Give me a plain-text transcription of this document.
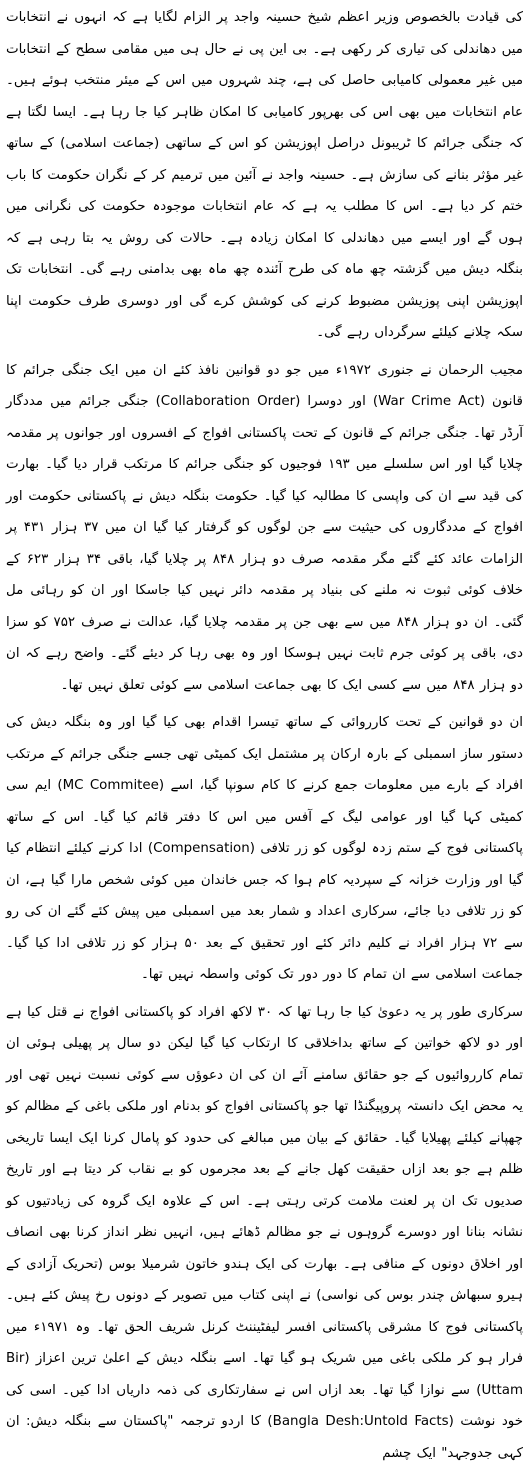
کی قیادت بالخصوص وزیر اعظم شیخ حسینہ واجد پر الزام لگایا ہے کہ انہوں نے انتخابات میں دھاندلی کی تیاری کر رکھی ہے۔ بی این پی نے حال ہی میں مقامی سطح کے انتخابات میں غیر معمولی کامیابی حاصل کی ہے، چند شہروں میں اس کے میئر منتخب ہوئے ہیں۔ عام انتخابات میں بھی اس کی بھرپور کامیابی کا امکان ظاہر کیا جا رہا ہے۔ ایسا لگتا ہے کہ جنگی جرائم کا ٹریبونل دراصل اپوزیشن کو اس کے ساتھی (جماعت اسلامی) کے ساتھ غیر مؤثر بنانے کی سازش ہے۔ حسینہ واجد نے آئین میں ترمیم کر کے نگران حکومت کا باب ختم کر دیا ہے۔ اس کا مطلب یہ ہے کہ عام انتخابات موجودہ حکومت کی نگرانی میں ہوں گے اور ایسے میں دھاندلی کا امکان زیادہ ہے۔ حالات کی روش یہ بتا رہی ہے کہ بنگلہ دیش میں گزشتہ چھ ماہ کی طرح آئندہ چھ ماہ بھی بدامنی رہے گی۔ انتخابات تک اپوزیشن اپنی پوزیشن مضبوط کرنے کی کوشش کرے گی اور دوسری طرف حکومت اپنا سکہ چلانے کیلئے سرگرداں رہے گی۔

مجیب الرحمان نے جنوری ۱۹۷۲ء میں جو دو قوانین نافذ کئے ان میں ایک جنگی جرائم کا قانون (War Crime Act) اور دوسرا (Collaboration Order) جنگی جرائم میں مددگار آرڈر تھا۔ جنگی جرائم کے قانون کے تحت پاکستانی افواج کے افسروں اور جوانوں پر مقدمہ چلایا گیا اور اس سلسلے میں ۱۹۳ فوجیوں کو جنگی جرائم کا مرتکب قرار دیا گیا۔ بھارت کی قید سے ان کی واپسی کا مطالبہ کیا گیا۔ حکومت بنگلہ دیش نے پاکستانی حکومت اور افواج کے مددگاروں کی حیثیت سے جن لوگوں کو گرفتار کیا گیا ان میں ۳۷ ہزار ۴۳۱ پر الزامات عائد کئے گئے مگر مقدمہ صرف دو ہزار ۸۴۸ پر چلایا گیا، باقی ۳۴ ہزار ۶۲۳ کے خلاف کوئی ثبوت نہ ملنے کی بنیاد پر مقدمہ دائر نہیں کیا جاسکا اور ان کو رہائی مل گئی۔ ان دو ہزار ۸۴۸ میں سے بھی جن پر مقدمہ چلایا گیا، عدالت نے صرف ۷۵۲ کو سزا دی، باقی پر کوئی جرم ثابت نہیں ہوسکا اور وہ بھی رہا کر دیئے گئے۔ واضح رہے کہ ان دو ہزار ۸۴۸ میں سے کسی ایک کا بھی جماعت اسلامی سے کوئی تعلق نہیں تھا۔

ان دو قوانین کے تحت کارروائی کے ساتھ تیسرا اقدام بھی کیا گیا اور وہ بنگلہ دیش کی دستور ساز اسمبلی کے بارہ ارکان پر مشتمل ایک کمیٹی تھی جسے جنگی جرائم کے مرتکب افراد کے بارے میں معلومات جمع کرنے کا کام سونپا گیا، اسے (MC Commitee) ایم سی کمیٹی کہا گیا اور عوامی لیگ کے آفس میں اس کا دفتر قائم کیا گیا۔ اس کے ساتھ پاکستانی فوج کے ستم زدہ لوگوں کو زر تلافی (Compensation) ادا کرنے کیلئے انتظام کیا گیا اور وزارت خزانہ کے سپردیہ کام ہوا کہ جس خاندان میں کوئی شخص مارا گیا ہے، ان کو زر تلافی دیا جائے، سرکاری اعداد و شمار بعد میں اسمبلی میں پیش کئے گئے ان کی رو سے ۷۲ ہزار افراد نے کلیم دائر کئے اور تحقیق کے بعد ۵۰ ہزار کو زر تلافی ادا کیا گیا۔ جماعت اسلامی سے ان تمام کا دور دور تک کوئی واسطہ نہیں تھا۔

سرکاری طور پر یہ دعویٰ کیا جا رہا تھا کہ ۳۰ لاکھ افراد کو پاکستانی افواج نے قتل کیا ہے اور دو لاکھ خواتین کے ساتھ بداخلاقی کا ارتکاب کیا گیا لیکن دو سال پر پھیلی ہوئی ان تمام کارروائیوں کے جو حقائق سامنے آئے ان کی ان دعوؤں سے کوئی نسبت نہیں تھی اور یہ محض ایک دانستہ پروپیگنڈا تھا جو پاکستانی افواج کو بدنام اور ملکی باغی کے مظالم کو چھپانے کیلئے پھیلایا گیا۔ حقائق کے بیان میں مبالغے کی حدود کو پامال کرنا ایک ایسا تاریخی ظلم ہے جو بعد ازاں حقیقت کھل جانے کے بعد مجرموں کو بے نقاب کر دیتا ہے اور تاریخ صدیوں تک ان پر لعنت ملامت کرتی رہتی ہے۔ اس کے علاوہ ایک گروہ کی زیادتیوں کو نشانہ بنانا اور دوسرے گروہوں نے جو مظالم ڈھائے ہیں، انہیں نظر انداز کرنا بھی انصاف اور اخلاق دونوں کے منافی ہے۔ بھارت کی ایک ہندو خاتون شرمیلا بوس (تحریک آزادی کے ہیرو سبھاش چندر بوس کی نواسی) نے اپنی کتاب میں تصویر کے دونوں رخ پیش کئے ہیں۔ پاکستانی فوج کا مشرقی پاکستانی افسر لیفٹیننٹ کرنل شریف الحق تھا۔ وہ ۱۹۷۱ء میں فرار ہو کر ملکی باغی میں شریک ہو گیا تھا۔ اسے بنگلہ دیش کے اعلیٰ ترین اعزاز (Bir Uttam) سے نوازا گیا تھا۔ بعد ازاں اس نے سفارتکاری کی ذمہ داریاں ادا کیں۔ اسی کی خود نوشت (Bangla Desh:Untold Facts) کا اردو ترجمہ "پاکستان سے بنگلہ دیش: ان کہی جدوجہد" ایک چشم
